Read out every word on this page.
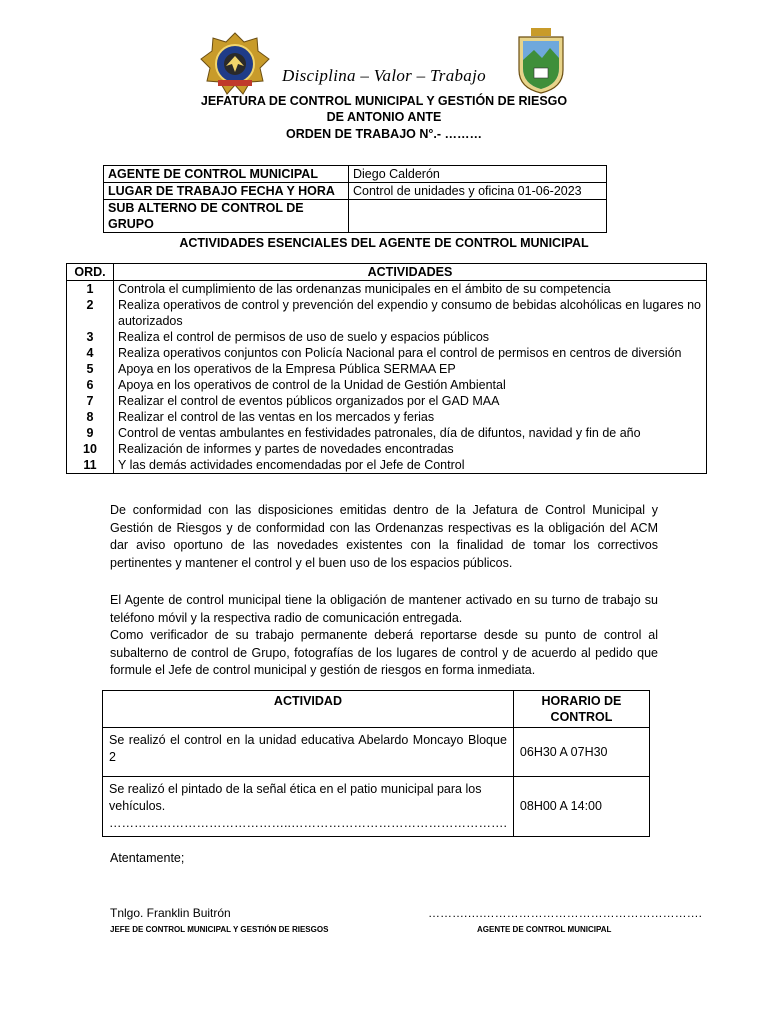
Disciplina – Valor – Trabajo
JEFATURA DE CONTROL MUNICIPAL Y GESTIÓN DE RIESGO
DE ANTONIO ANTE
ORDEN DE TRABAJO N°.- ………
AGENTE DE CONTROL MUNICIPAL	Diego Calderón
LUGAR DE TRABAJO FECHA Y HORA	Control de unidades y oficina 01-06-2023
SUB ALTERNO DE CONTROL DE GRUPO	
ACTIVIDADES ESENCIALES DEL AGENTE DE CONTROL MUNICIPAL
ORD.	ACTIVIDADES
1	Controla el cumplimiento de las ordenanzas municipales en el ámbito de su competencia
2	Realiza operativos de control y prevención del expendio y consumo de bebidas alcohólicas en lugares no autorizados
3	Realiza el control de permisos de uso de suelo y espacios públicos
4	Realiza operativos conjuntos con Policía Nacional para el control de permisos en centros de diversión
5	Apoya en los operativos de la Empresa Pública SERMAA EP
6	Apoya en los operativos de control de la Unidad de Gestión Ambiental
7	Realizar el control de eventos públicos organizados por el GAD MAA
8	Realizar el control de las ventas en los mercados y ferias
9	Control de ventas ambulantes en festividades patronales, día de difuntos, navidad y fin de año
10	Realización de informes y partes de novedades encontradas
11	Y las demás actividades encomendadas por el Jefe de Control
De conformidad con las disposiciones emitidas dentro de la Jefatura de Control Municipal y Gestión de Riesgos y de conformidad con las Ordenanzas respectivas es la obligación del ACM dar aviso oportuno de las novedades existentes con la finalidad de tomar los correctivos pertinentes y mantener el control y el buen uso de los espacios públicos.
El Agente de control municipal tiene la obligación de mantener activado en su turno de trabajo su teléfono móvil y la respectiva radio de comunicación entregada.
Como verificador de su trabajo permanente deberá reportarse desde su punto de control al subalterno de control de Grupo, fotografías de los lugares de control y de acuerdo al pedido que formule el Jefe de control municipal y gestión de riesgos en forma inmediata.
ACTIVIDAD	HORARIO DE CONTROL
Se realizó el control en la unidad educativa Abelardo Moncayo Bloque 2	06H30 A 07H30

Se realizó el pintado de la señal ética en el patio municipal para los vehículos.
……………………………………..…………………………………………….	08H00 A 14:00
Atentamente;
Tnlgo. Franklin Buitrón
JEFE DE CONTROL MUNICIPAL Y GESTIÓN DE RIESGOS
……….….……………………………………………….
AGENTE DE CONTROL MUNICIPAL
